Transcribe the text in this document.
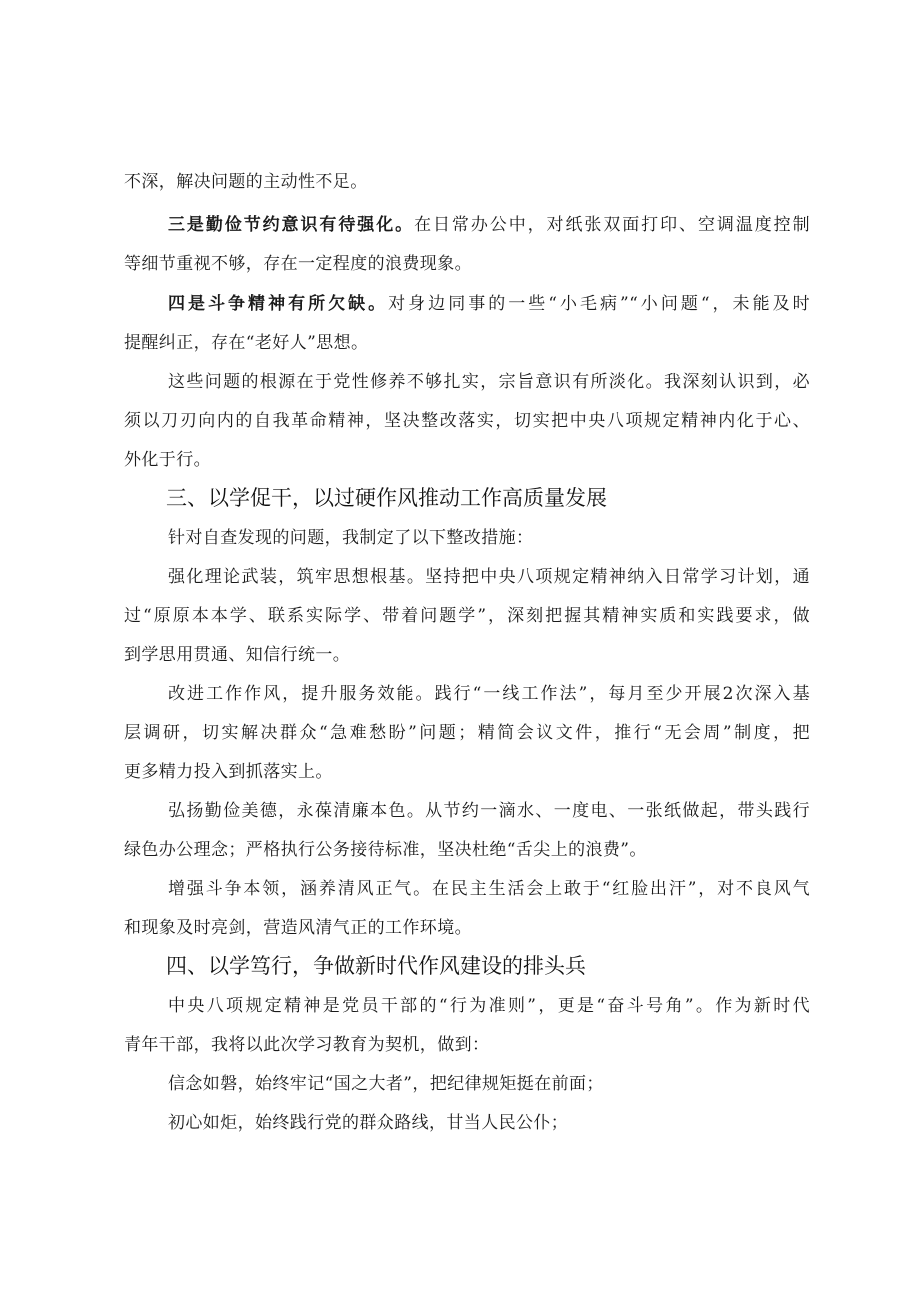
不深，解决问题的主动性不足。
三是勤俭节约意识有待强化。在日常办公中，对纸张双面打印、空调温度控制
等细节重视不够，存在一定程度的浪费现象。
四是斗争精神有所欠缺。对身边同事的一些“小毛病”“小问题“，未能及时
提醒纠正，存在“老好人”思想。
这些问题的根源在于党性修养不够扎实，宗旨意识有所淡化。我深刻认识到，必
须以刀刃向内的自我革命精神，坚决整改落实，切实把中央八项规定精神内化于心、
外化于行。
三、以学促干，以过硬作风推动工作高质量发展
针对自查发现的问题，我制定了以下整改措施：
强化理论武装，筑牢思想根基。坚持把中央八项规定精神纳入日常学习计划，通
过“原原本本学、联系实际学、带着问题学”，深刻把握其精神实质和实践要求，做
到学思用贯通、知信行统一。
改进工作作风，提升服务效能。践行“一线工作法”，每月至少开展2次深入基
层调研，切实解决群众“急难愁盼”问题；精简会议文件，推行“无会周”制度，把
更多精力投入到抓落实上。
弘扬勤俭美德，永葆清廉本色。从节约一滴水、一度电、一张纸做起，带头践行
绿色办公理念；严格执行公务接待标准，坚决杜绝“舌尖上的浪费”。
增强斗争本领，涵养清风正气。在民主生活会上敢于“红脸出汗”，对不良风气
和现象及时亮剑，营造风清气正的工作环境。
四、以学笃行，争做新时代作风建设的排头兵
中央八项规定精神是党员干部的“行为准则”，更是“奋斗号角”。作为新时代
青年干部，我将以此次学习教育为契机，做到：
信念如磐，始终牢记“国之大者”，把纪律规矩挺在前面；
初心如炬，始终践行党的群众路线，甘当人民公仆；
